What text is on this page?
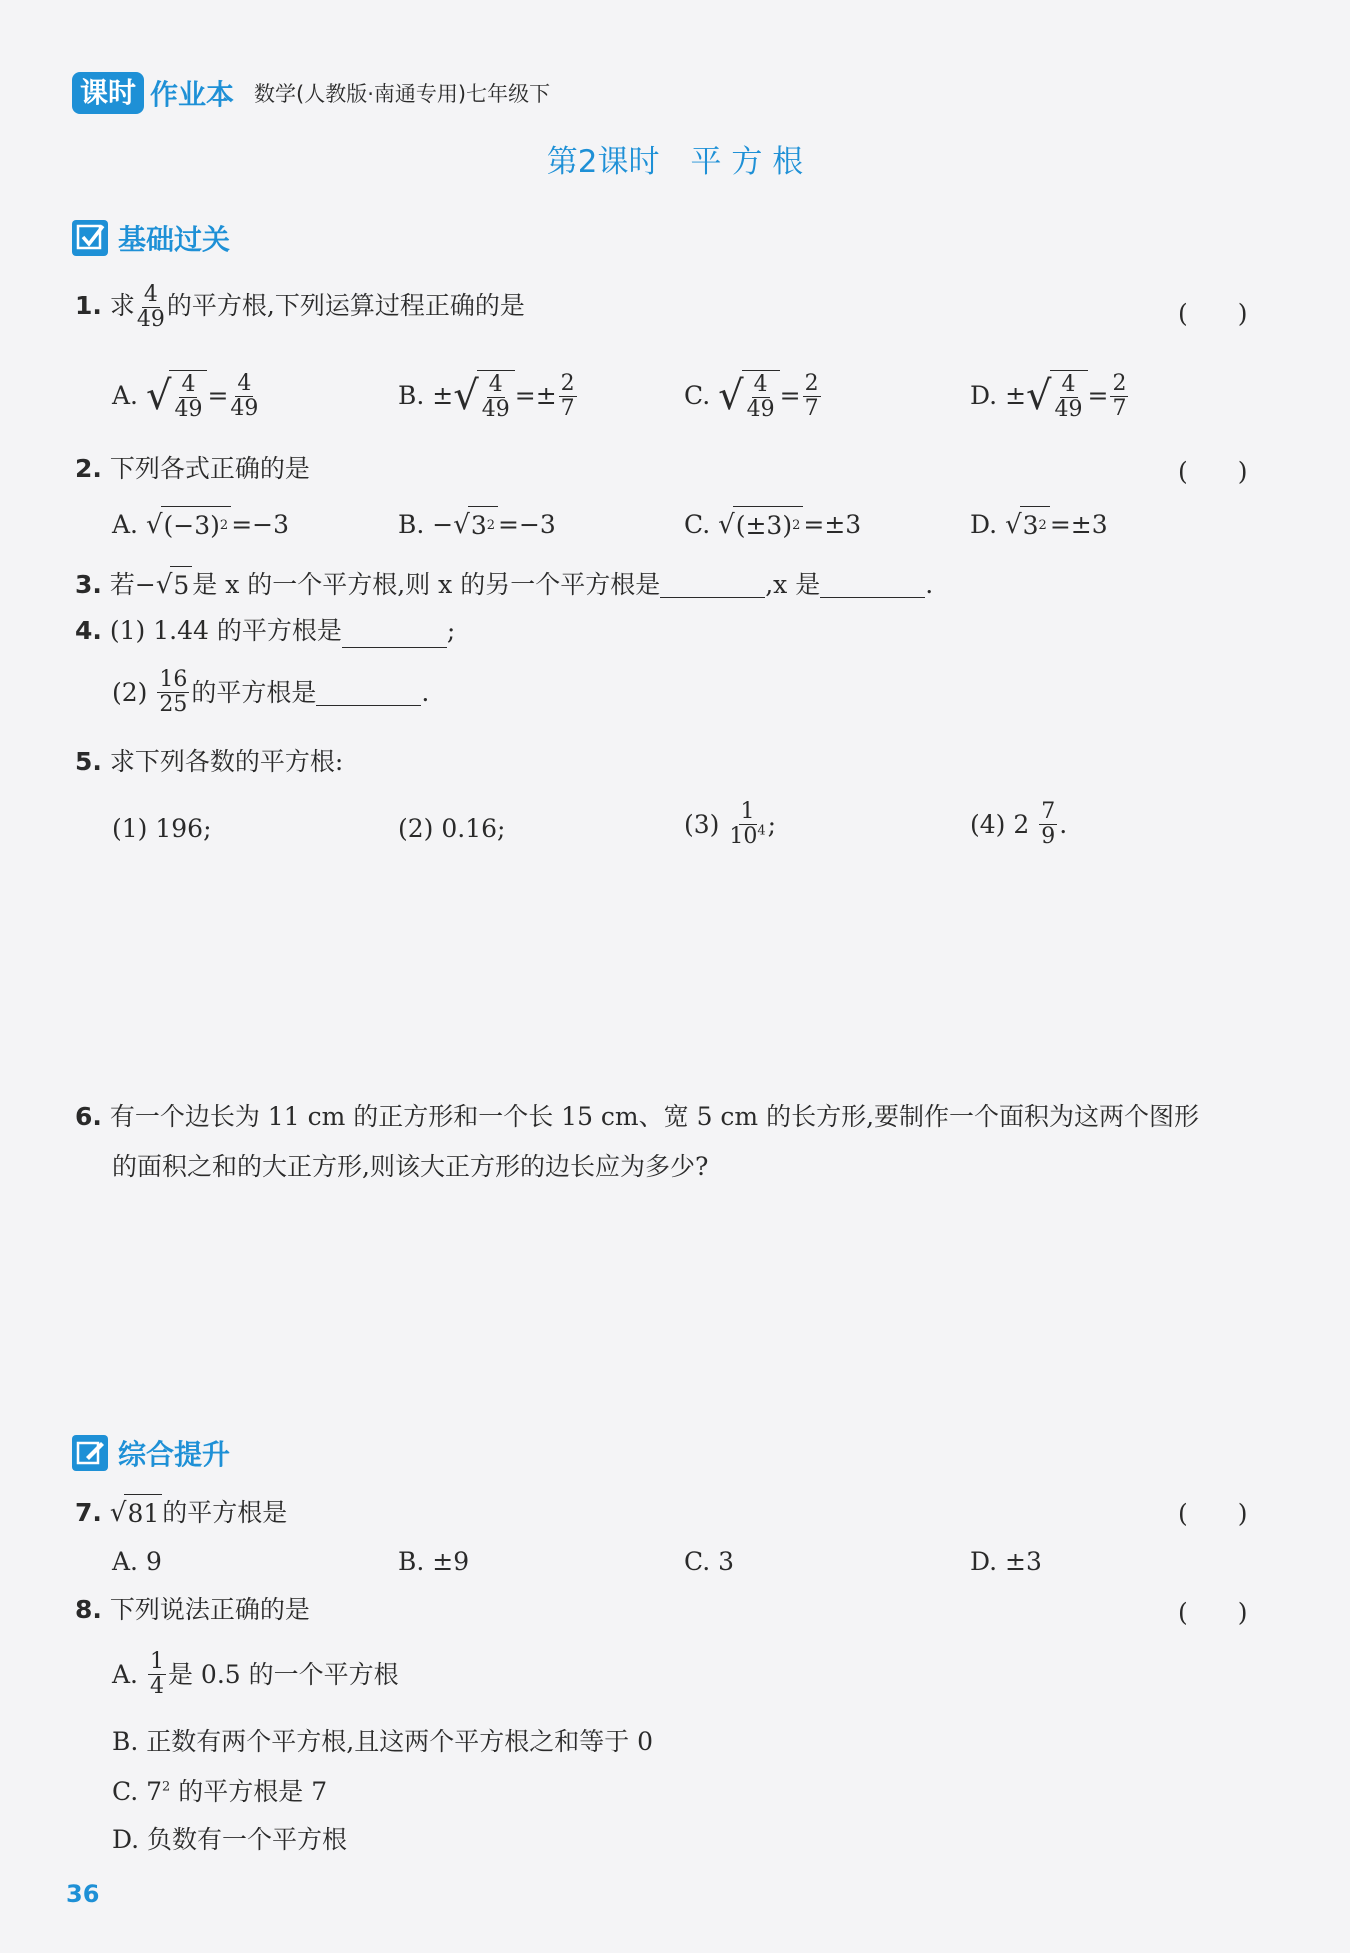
课时 作业本 数学(人教版·南通专用)七年级下
第2课时　平 方 根
基础过关
1. 求 $\frac{4}{49}$ 的平方根,下列运算过程正确的是	(　　)
A.
√ $\frac{4}{49} = \frac{4}{49}$	B.
± √ $\frac{4}{49}$ = ± $\frac{2}{7}$	C.
√ $\frac{4}{49} = \frac{2}{7}$	D.
± √ $\frac{4}{49} = \frac{2}{7}$
2. 下列各式正确的是	(　　)
A.
√ (−3) 2 =−3	B.
− √ 3 2 =−3	C.
√ (±3) 2 =±3	D.
√ 3 2 =±3
3.
若− √ 5 是 x 的一个平方根,则 x 的另一个平方根是	,x 是	.
4. (1) 1.44 的平方根是	;
(2)
$\frac{16}{25}$ 的平方根是	.
5. 求下列各数的平方根:
(1) 196;	(2) 0.16;	(3)
$\frac{1}{10^4}$ ;	(4) 2
$\frac{7}{9}$ .
6. 有一个边长为 11 cm 的正方形和一个长 15 cm、宽 5 cm 的长方形,要制作一个面积为这两个图形
的面积之和的大正方形,则该大正方形的边长应为多少?
综合提升
7.
√ 81 的平方根是	(　　)
A. 9	B. ±9	C. 3	D. ±3
8. 下列说法正确的是	(　　)
A.
$\frac{1}{4}$ 是 0.5 的一个平方根
B. 正数有两个平方根,且这两个平方根之和等于 0
C. $7^2$ 的平方根是 7
D. 负数有一个平方根
36
